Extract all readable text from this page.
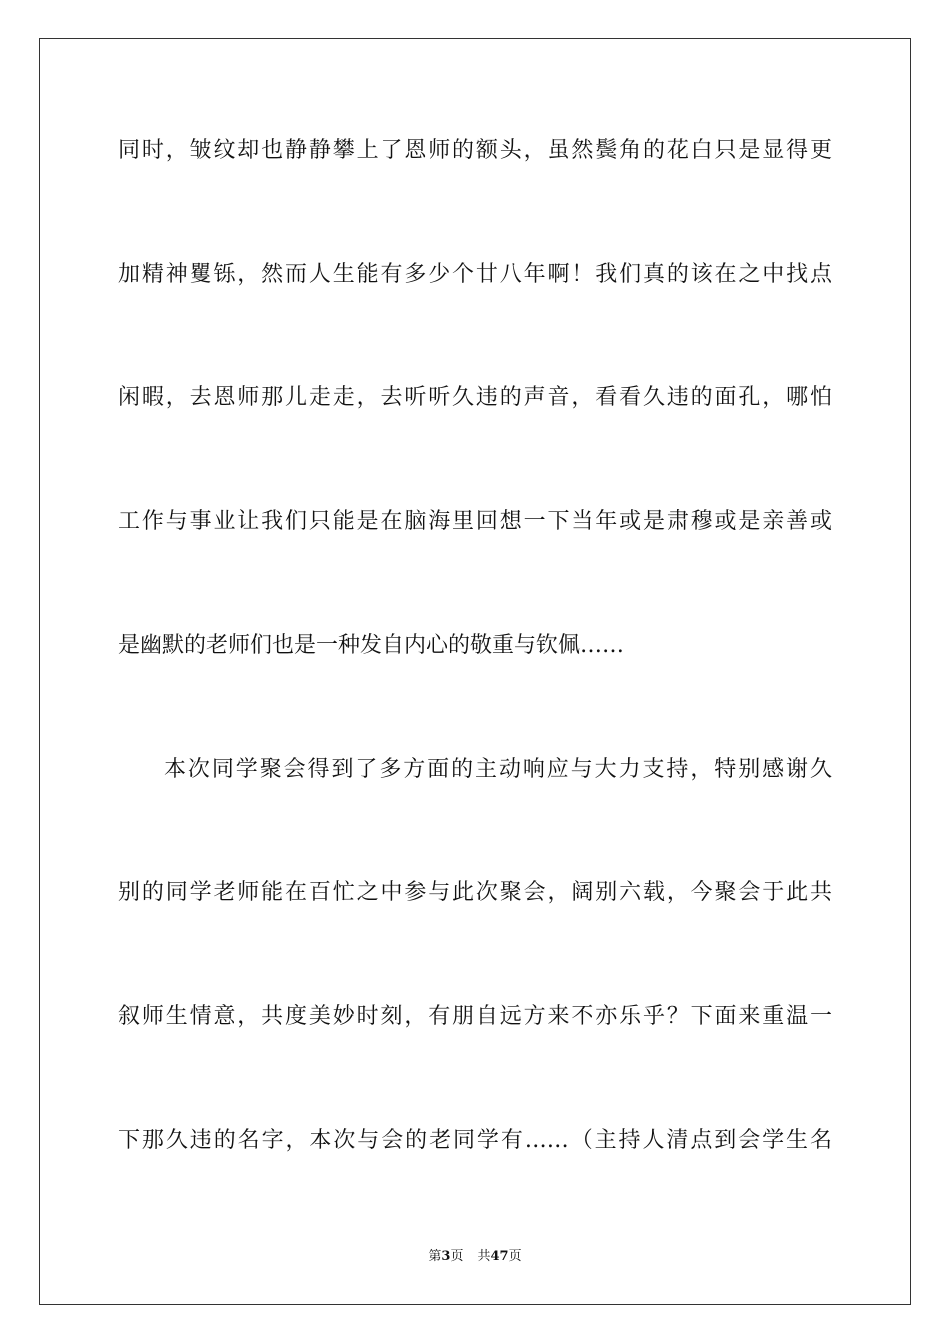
同时，皱纹却也静静攀上了恩师的额头，虽然鬓角的花白只是显得更
加精神矍铄，然而人生能有多少个廿八年啊！我们真的该在之中找点
闲暇，去恩师那儿走走，去听听久违的声音，看看久违的面孔，哪怕
工作与事业让我们只能是在脑海里回想一下当年或是肃穆或是亲善或
是幽默的老师们也是一种发自内心的敬重与钦佩……
本次同学聚会得到了多方面的主动响应与大力支持，特别感谢久
别的同学老师能在百忙之中参与此次聚会，阔别六载，今聚会于此共
叙师生情意，共度美妙时刻，有朋自远方来不亦乐乎？下面来重温一
下那久违的名字，本次与会的老同学有……（主持人清点到会学生名
第3页 共47页
